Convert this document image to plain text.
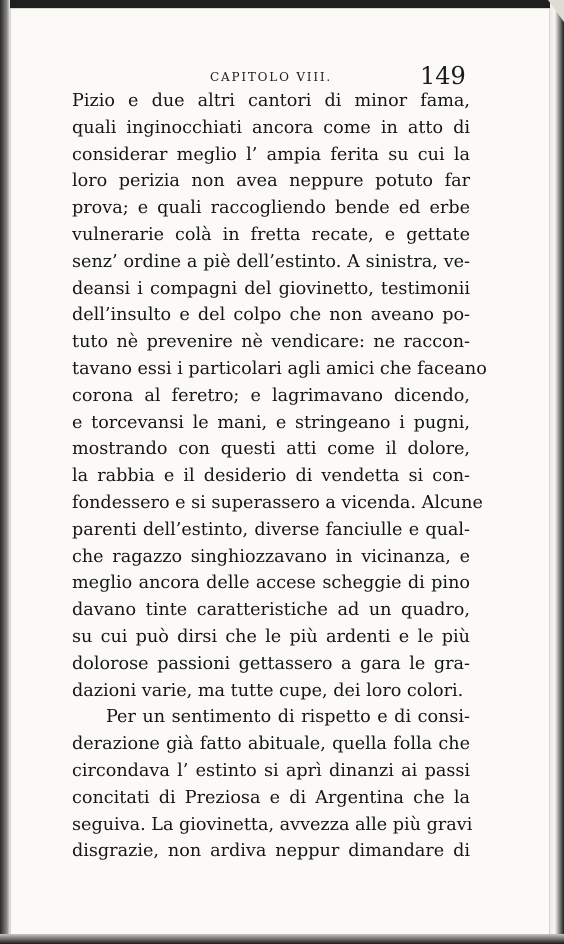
CAPITOLO VIII.	149
Pizio e due altri cantori di minor fama,
quali inginocchiati ancora come in atto di
considerar meglio l’ ampia ferita su cui la
loro perizia non avea neppure potuto far
prova; e quali raccogliendo bende ed erbe
vulnerarie colà in fretta recate, e gettate
senz’ ordine a piè dell’estinto. A sinistra, ve-
deansi i compagni del giovinetto, testimonii
dell’insulto e del colpo che non aveano po-
tuto nè prevenire nè vendicare: ne raccon-
tavano essi i particolari agli amici che faceano
corona al feretro; e lagrimavano dicendo,
e torcevansi le mani, e stringeano i pugni,
mostrando con questi atti come il dolore,
la rabbia e il desiderio di vendetta si con-
fondessero e si superassero a vicenda. Alcune
parenti dell’estinto, diverse fanciulle e qual-
che ragazzo singhiozzavano in vicinanza, e
meglio ancora delle accese scheggie di pino
davano tinte caratteristiche ad un quadro,
su cui può dirsi che le più ardenti e le più
dolorose passioni gettassero a gara le gra-
dazioni varie, ma tutte cupe, dei loro colori.
Per un sentimento di rispetto e di consi-
derazione già fatto abituale, quella folla che
circondava l’ estinto si aprì dinanzi ai passi
concitati di Preziosa e di Argentina che la
seguiva. La giovinetta, avvezza alle più gravi
disgrazie, non ardiva neppur dimandare di
